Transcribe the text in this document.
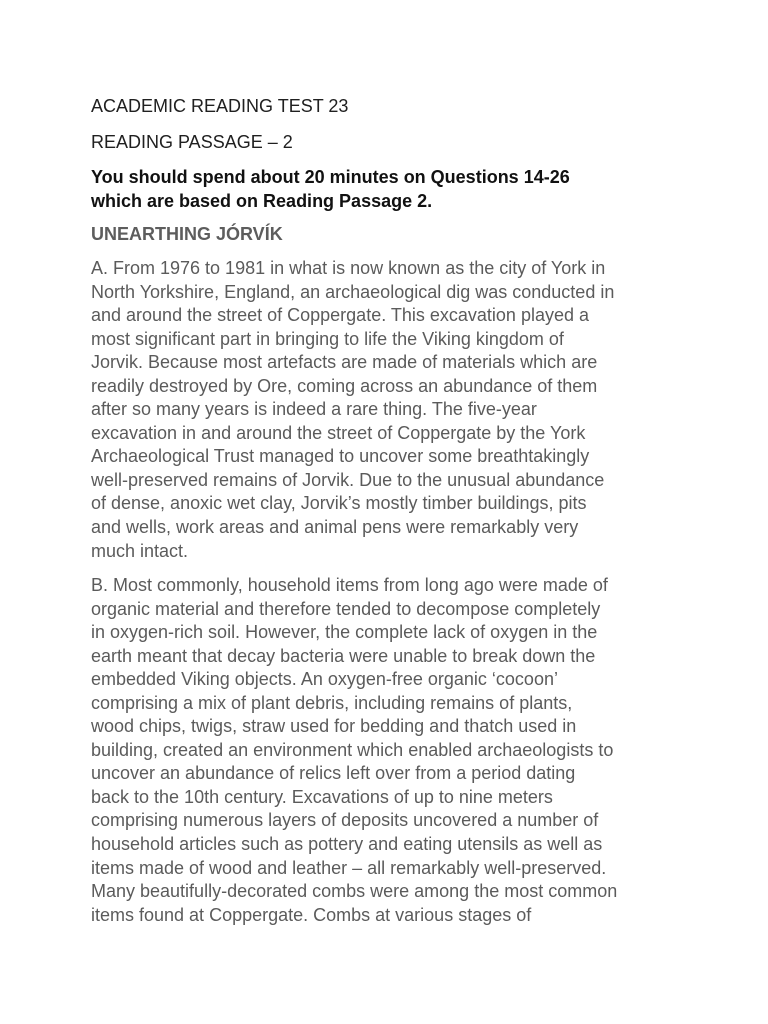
ACADEMIC READING TEST 23
READING PASSAGE – 2
You should spend about 20 minutes on Questions 14-26
which are based on Reading Passage 2.
UNEARTHING JÓRVÍK
A. From 1976 to 1981 in what is now known as the city of York in
North Yorkshire, England, an archaeological dig was conducted in
and around the street of Coppergate. This excavation played a
most significant part in bringing to life the Viking kingdom of
Jorvik. Because most artefacts are made of materials which are
readily destroyed by Ore, coming across an abundance of them
after so many years is indeed a rare thing. The five-year
excavation in and around the street of Coppergate by the York
Archaeological Trust managed to uncover some breathtakingly
well-preserved remains of Jorvik. Due to the unusual abundance
of dense, anoxic wet clay, Jorvik’s mostly timber buildings, pits
and wells, work areas and animal pens were remarkably very
much intact.
B. Most commonly, household items from long ago were made of
organic material and therefore tended to decompose completely
in oxygen-rich soil. However, the complete lack of oxygen in the
earth meant that decay bacteria were unable to break down the
embedded Viking objects. An oxygen-free organic ‘cocoon’
comprising a mix of plant debris, including remains of plants,
wood chips, twigs, straw used for bedding and thatch used in
building, created an environment which enabled archaeologists to
uncover an abundance of relics left over from a period dating
back to the 10th century. Excavations of up to nine meters
comprising numerous layers of deposits uncovered a number of
household articles such as pottery and eating utensils as well as
items made of wood and leather – all remarkably well-preserved.
Many beautifully-decorated combs were among the most common
items found at Coppergate. Combs at various stages of
